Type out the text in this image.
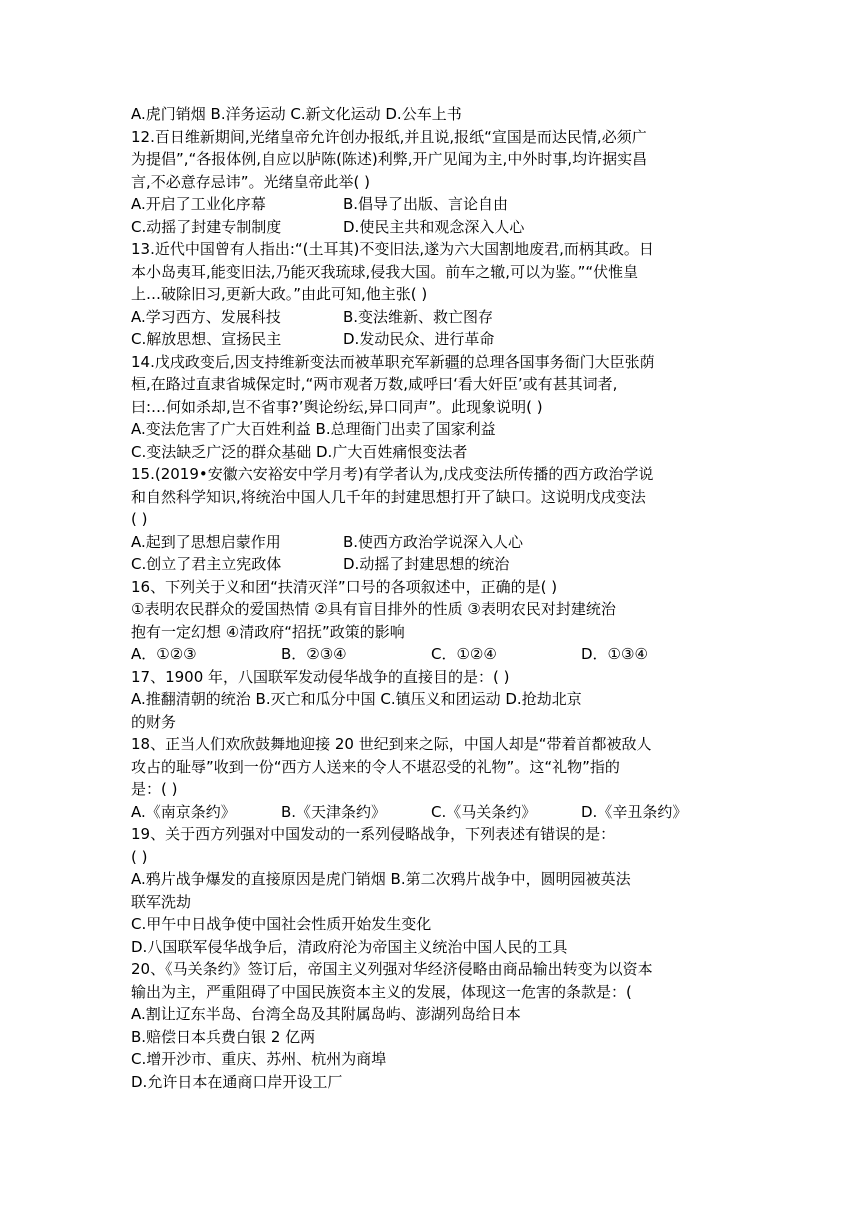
A.虎门销烟 B.洋务运动 C.新文化运动 D.公车上书
12.百日维新期间,光绪皇帝允许创办报纸,并且说,报纸“宣国是而达民情,必须广
为提倡”,“各报体例,自应以胪陈(陈述)利弊,开广见闻为主,中外时事,均许据实昌
言,不必意存忌讳”。光绪皇帝此举( )
A.开启了工业化序幕	B.倡导了出版、言论自由
C.动摇了封建专制制度	D.使民主共和观念深入人心
13.近代中国曾有人指出:“(土耳其)不变旧法,遂为六大国割地废君,而柄其政。日
本小岛夷耳,能变旧法,乃能灭我琉球,侵我大国。前车之辙,可以为鉴。”“伏惟皇
上…破除旧习,更新大政。”由此可知,他主张( )
A.学习西方、发展科技	B.变法维新、救亡图存
C.解放思想、宣扬民主	D.发动民众、进行革命
14.戊戌政变后,因支持维新变法而被革职充军新疆的总理各国事务衙门大臣张荫
桓,在路过直隶省城保定时,“两市观者万数,咸呼曰‘看大奸臣’或有甚其词者,
曰:…何如杀却,岂不省事?’舆论纷纭,异口同声”。此现象说明( )
A.变法危害了广大百姓利益 B.总理衙门出卖了国家利益
C.变法缺乏广泛的群众基础 D.广大百姓痛恨变法者
15.(2019•安徽六安裕安中学月考)有学者认为,戊戌变法所传播的西方政治学说
和自然科学知识,将统治中国人几千年的封建思想打开了缺口。这说明戊戌变法
( )
A.起到了思想启蒙作用	B.使西方政治学说深入人心
C.创立了君主立宪政体	D.动摇了封建思想的统治
16、下列关于义和团“扶清灭洋”口号的各项叙述中，正确的是( )
①表明农民群众的爱国热情 ②具有盲目排外的性质 ③表明农民对封建统治
抱有一定幻想 ④清政府“招抚”政策的影响
A．①②③	B．②③④	C．①②④	D．①③④
17、1900 年，八国联军发动侵华战争的直接目的是：( )
A.推翻清朝的统治 B.灭亡和瓜分中国 C.镇压义和团运动 D.抢劫北京
的财务
18、正当人们欢欣鼓舞地迎接 20 世纪到来之际，中国人却是“带着首都被敌人
攻占的耻辱”收到一份“西方人送来的令人不堪忍受的礼物”。这“礼物”指的
是：( )
A.《南京条约》	B.《天津条约》	C.《马关条约》	D.《辛丑条约》
19、关于西方列强对中国发动的一系列侵略战争，下列表述有错误的是：
( )
A.鸦片战争爆发的直接原因是虎门销烟 B.第二次鸦片战争中，圆明园被英法
联军洗劫
C.甲午中日战争使中国社会性质开始发生变化
D.八国联军侵华战争后，清政府沦为帝国主义统治中国人民的工具
20、《马关条约》签订后，帝国主义列强对华经济侵略由商品输出转变为以资本
输出为主，严重阻碍了中国民族资本主义的发展，体现这一危害的条款是：(
A.割让辽东半岛、台湾全岛及其附属岛屿、澎湖列岛给日本
B.赔偿日本兵费白银 2 亿两
C.增开沙市、重庆、苏州、杭州为商埠
D.允许日本在通商口岸开设工厂
